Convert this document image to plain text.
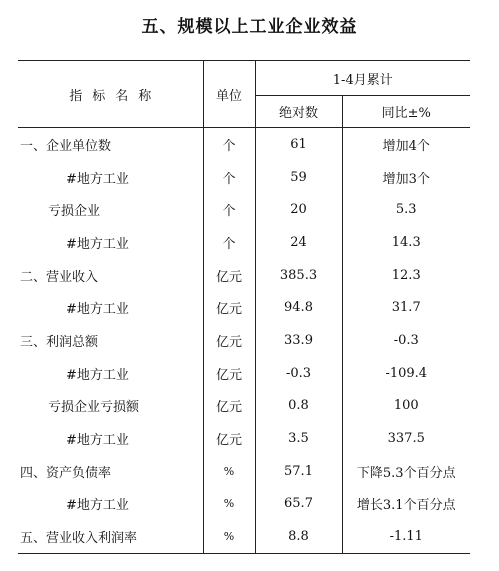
五、规模以上工业企业效益
指标名称	单位	1-4月累计	
		绝对数	同比±%
一、企业单位数	个	61	增加4个
#地方工业	个	59	增加3个
亏损企业	个	20	5.3
#地方工业	个	24	14.3
二、营业收入	亿元	385.3	12.3
#地方工业	亿元	94.8	31.7
三、利润总额	亿元	33.9	-0.3
#地方工业	亿元	-0.3	-109.4
亏损企业亏损额	亿元	0.8	100
#地方工业	亿元	3.5	337.5
四、资产负债率	%	57.1	下降5.3个百分点
#地方工业	%	65.7	增长3.1个百分点
五、营业收入利润率	%	8.8	-1.11
